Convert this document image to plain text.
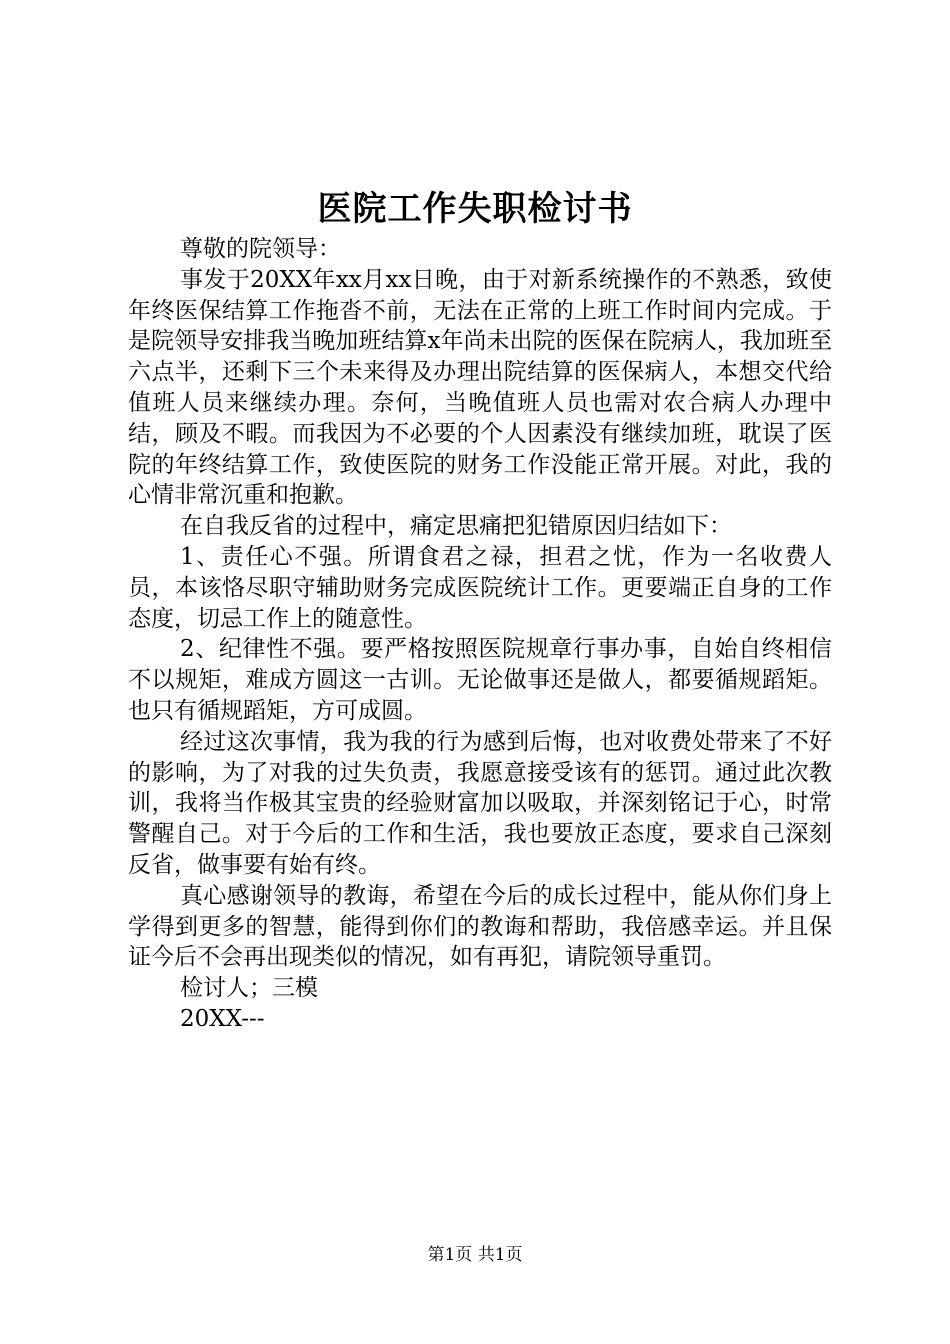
医院工作失职检讨书

尊敬的院领导：

事发于20XX年xx月xx日晚，由于对新系统操作的不熟悉，致使年终医保结算工作拖沓不前，无法在正常的上班工作时间内完成。于是院领导安排我当晚加班结算x年尚未出院的医保在院病人，我加班至六点半，还剩下三个未来得及办理出院结算的医保病人，本想交代给值班人员来继续办理。奈何，当晚值班人员也需对农合病人办理中结，顾及不暇。而我因为不必要的个人因素没有继续加班，耽误了医院的年终结算工作，致使医院的财务工作没能正常开展。对此，我的心情非常沉重和抱歉。

在自我反省的过程中，痛定思痛把犯错原因归结如下：

1、责任心不强。所谓食君之禄，担君之忧，作为一名收费人员，本该恪尽职守辅助财务完成医院统计工作。更要端正自身的工作态度，切忌工作上的随意性。

2、纪律性不强。要严格按照医院规章行事办事，自始自终相信不以规矩，难成方圆这一古训。无论做事还是做人，都要循规蹈矩。也只有循规蹈矩，方可成圆。

经过这次事情，我为我的行为感到后悔，也对收费处带来了不好的影响，为了对我的过失负责，我愿意接受该有的惩罚。通过此次教训，我将当作极其宝贵的经验财富加以吸取，并深刻铭记于心，时常警醒自己。对于今后的工作和生活，我也要放正态度，要求自己深刻反省，做事要有始有终。

真心感谢领导的教诲，希望在今后的成长过程中，能从你们身上学得到更多的智慧，能得到你们的教诲和帮助，我倍感幸运。并且保证今后不会再出现类似的情况，如有再犯，请院领导重罚。

检讨人；三模

20XX---

第1页 共1页
